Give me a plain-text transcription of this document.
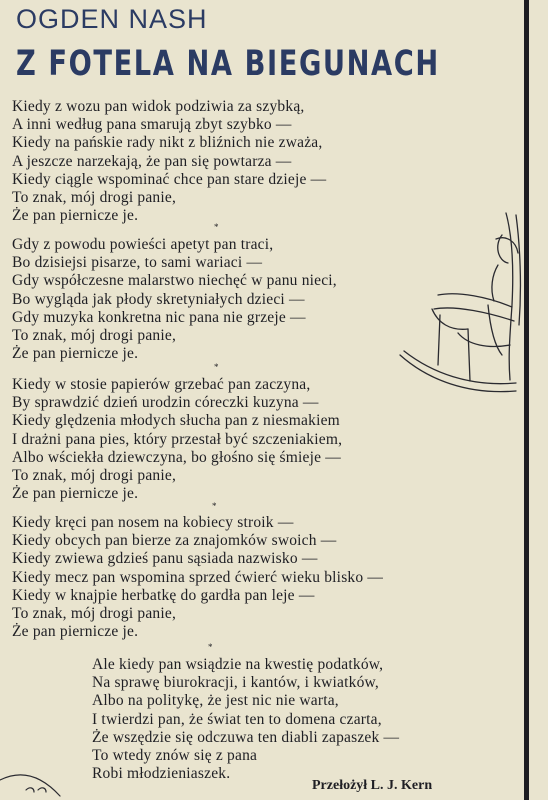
OGDEN NASH
Z FOTELA NA BIEGUNACH
Kiedy z wozu pan widok podziwia za szybką,
A inni według pana smarują zbyt szybko —
Kiedy na pańskie rady nikt z bliźnich nie zważa,
A jeszcze narzekają, że pan się powtarza —
Kiedy ciągle wspominać chce pan stare dzieje —
To znak, mój drogi panie,
Że pan piernicze je.
*
Gdy z powodu powieści apetyt pan traci,
Bo dzisiejsi pisarze, to sami wariaci —
Gdy współczesne malarstwo niechęć w panu nieci,
Bo wygląda jak płody skretyniałych dzieci —
Gdy muzyka konkretna nic pana nie grzeje —
To znak, mój drogi panie,
Że pan piernicze je.
*
Kiedy w stosie papierów grzebać pan zaczyna,
By sprawdzić dzień urodzin córeczki kuzyna —
Kiedy ględzenia młodych słucha pan z niesmakiem
I drażni pana pies, który przestał być szczeniakiem,
Albo wściekła dziewczyna, bo głośno się śmieje —
To znak, mój drogi panie,
Że pan piernicze je.
*
Kiedy kręci pan nosem na kobiecy stroik —
Kiedy obcych pan bierze za znajomków swoich —
Kiedy zwiewa gdzieś panu sąsiada nazwisko —
Kiedy mecz pan wspomina sprzed ćwierć wieku blisko —
Kiedy w knajpie herbatkę do gardła pan leje —
To znak, mój drogi panie,
Że pan piernicze je.
*
Ale kiedy pan wsiądzie na kwestię podatków,
Na sprawę biurokracji, i kantów, i kwiatków,
Albo na politykę, że jest nic nie warta,
I twierdzi pan, że świat ten to domena czarta,
Że wszędzie się odczuwa ten diabli zapaszek —
To wtedy znów się z pana
Robi młodzieniaszek.

Przełożył L. J. Kern
